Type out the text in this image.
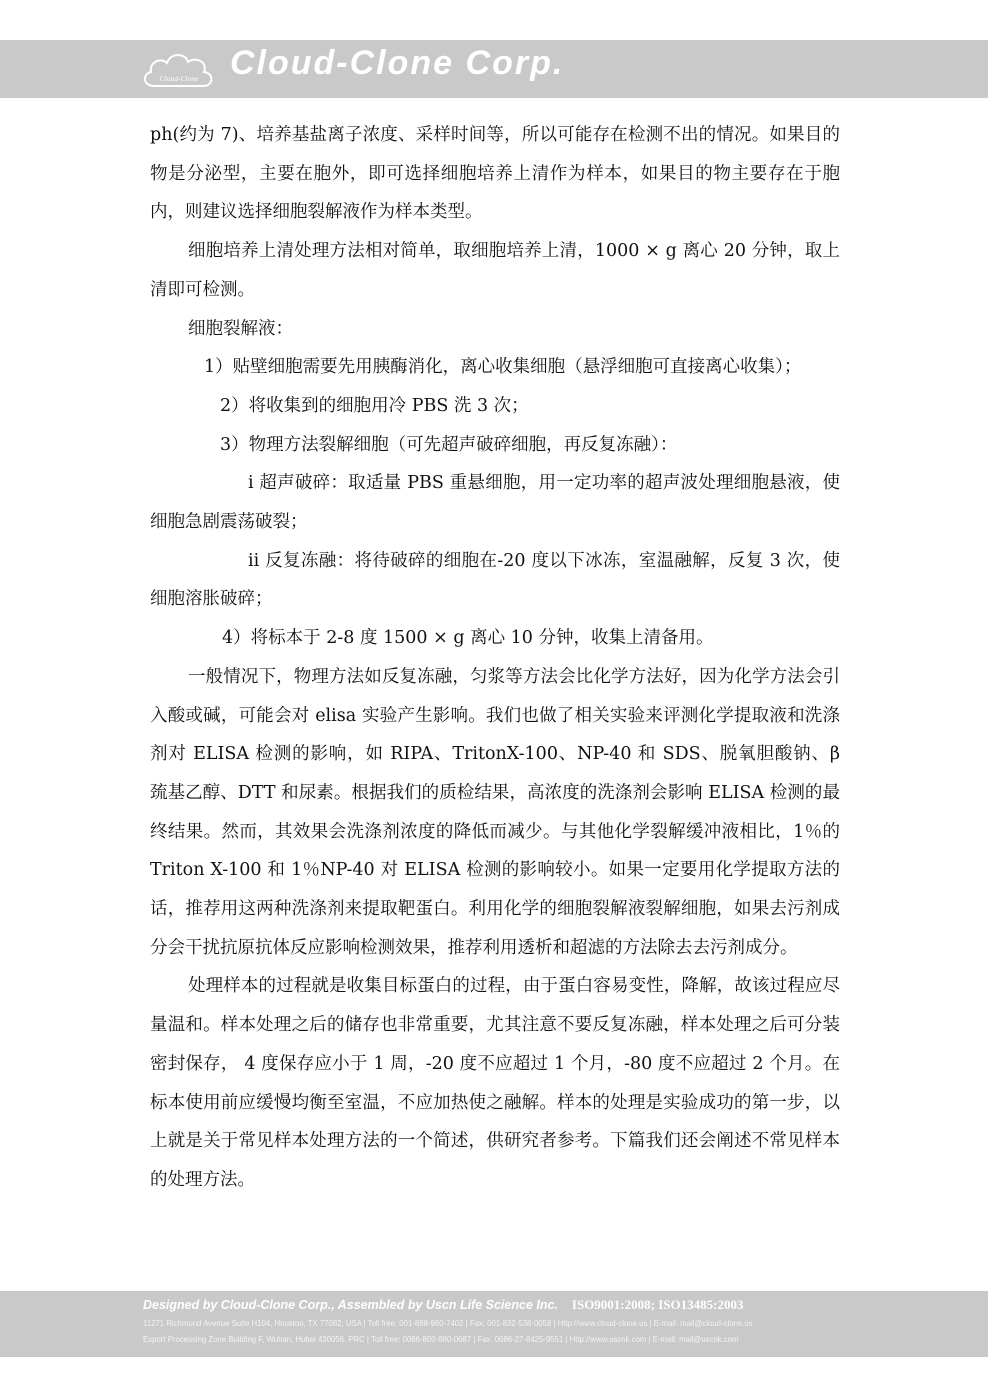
Cloud-Clone Cloud-Clone Corp.

ph(约为 7)、培养基盐离子浓度、采样时间等，所以可能存在检测不出的情况。如果目的物是分泌型，主要在胞外，即可选择细胞培养上清作为样本，如果目的物主要存在于胞内，则建议选择细胞裂解液作为样本类型。

细胞培养上清处理方法相对简单，取细胞培养上清，1000 × g 离心 20 分钟，取上清即可检测。

细胞裂解液：

1）贴壁细胞需要先用胰酶消化，离心收集细胞（悬浮细胞可直接离心收集）；

2）将收集到的细胞用冷 PBS 洗 3 次；

3）物理方法裂解细胞（可先超声破碎细胞，再反复冻融）：

i 超声破碎：取适量 PBS 重悬细胞，用一定功率的超声波处理细胞悬液，使细胞急剧震荡破裂；

ii 反复冻融：将待破碎的细胞在-20 度以下冰冻，室温融解，反复 3 次，使细胞溶胀破碎；

4）将标本于 2-8 度 1500 × g 离心 10 分钟，收集上清备用。

一般情况下，物理方法如反复冻融，匀浆等方法会比化学方法好，因为化学方法会引入酸或碱，可能会对 elisa 实验产生影响。我们也做了相关实验来评测化学提取液和洗涤剂对 ELISA 检测的影响，如 RIPA、TritonX-100、NP-40 和 SDS、脱氧胆酸钠、β 巯基乙醇、DTT 和尿素。根据我们的质检结果，高浓度的洗涤剂会影响 ELISA 检测的最终结果。然而，其效果会洗涤剂浓度的降低而减少。与其他化学裂解缓冲液相比，1％的 Triton X-100 和 1％NP-40 对 ELISA 检测的影响较小。如果一定要用化学提取方法的话，推荐用这两种洗涤剂来提取靶蛋白。利用化学的细胞裂解液裂解细胞，如果去污剂成分会干扰抗原抗体反应影响检测效果，推荐利用透析和超滤的方法除去去污剂成分。

处理样本的过程就是收集目标蛋白的过程，由于蛋白容易变性，降解，故该过程应尽量温和。样本处理之后的储存也非常重要，尤其注意不要反复冻融，样本处理之后可分装密封保存， 4 度保存应小于 1 周，-20 度不应超过 1 个月，-80 度不应超过 2 个月。在标本使用前应缓慢均衡至室温，不应加热使之融解。样本的处理是实验成功的第一步，以上就是关于常见样本处理方法的一个简述，供研究者参考。下篇我们还会阐述不常见样本的处理方法。

Designed by Cloud-Clone Corp., Assembled by Uscn Life Science Inc. ISO9001:2008; ISO13485:2003
11271 Richmond Avenue Suite H104, Houston, TX 77082, USA | Toll free: 001-888-960-7402 | Fax: 001-832-538-0058 | Http://www.cloud-clone.us | E-mail: mail@cloud-clone.us
Export Processing Zone Building F, Wuhan, Hubei 430056, PRC | Toll free: 0086-800-880-0687 | Fax: 0086-27-8425-9551 | Http://www.uscnk.com | E-mail: mail@uscnk.com
